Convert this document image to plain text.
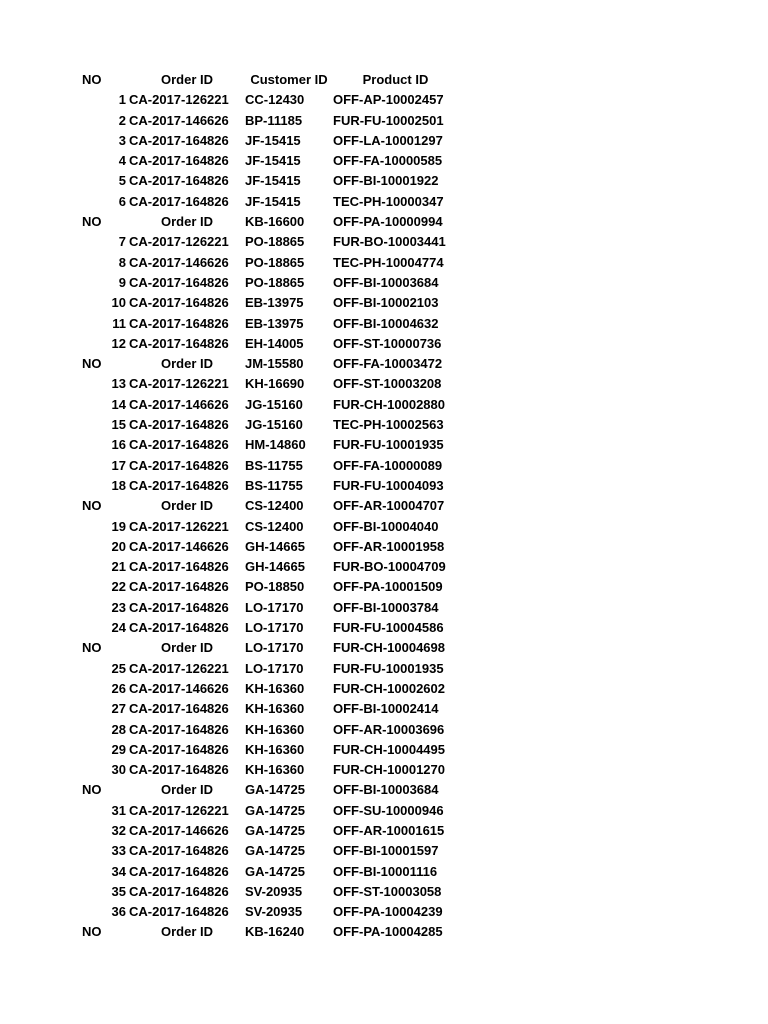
NO	Order ID	Customer ID	Product ID
1	CA-2017-126221	CC-12430	OFF-AP-10002457
2	CA-2017-146626	BP-11185	FUR-FU-10002501
3	CA-2017-164826	JF-15415	OFF-LA-10001297
4	CA-2017-164826	JF-15415	OFF-FA-10000585
5	CA-2017-164826	JF-15415	OFF-BI-10001922
6	CA-2017-164826	JF-15415	TEC-PH-10000347
NO	Order ID	KB-16600	OFF-PA-10000994
7	CA-2017-126221	PO-18865	FUR-BO-10003441
8	CA-2017-146626	PO-18865	TEC-PH-10004774
9	CA-2017-164826	PO-18865	OFF-BI-10003684
10	CA-2017-164826	EB-13975	OFF-BI-10002103
11	CA-2017-164826	EB-13975	OFF-BI-10004632
12	CA-2017-164826	EH-14005	OFF-ST-10000736
NO	Order ID	JM-15580	OFF-FA-10003472
13	CA-2017-126221	KH-16690	OFF-ST-10003208
14	CA-2017-146626	JG-15160	FUR-CH-10002880
15	CA-2017-164826	JG-15160	TEC-PH-10002563
16	CA-2017-164826	HM-14860	FUR-FU-10001935
17	CA-2017-164826	BS-11755	OFF-FA-10000089
18	CA-2017-164826	BS-11755	FUR-FU-10004093
NO	Order ID	CS-12400	OFF-AR-10004707
19	CA-2017-126221	CS-12400	OFF-BI-10004040
20	CA-2017-146626	GH-14665	OFF-AR-10001958
21	CA-2017-164826	GH-14665	FUR-BO-10004709
22	CA-2017-164826	PO-18850	OFF-PA-10001509
23	CA-2017-164826	LO-17170	OFF-BI-10003784
24	CA-2017-164826	LO-17170	FUR-FU-10004586
NO	Order ID	LO-17170	FUR-CH-10004698
25	CA-2017-126221	LO-17170	FUR-FU-10001935
26	CA-2017-146626	KH-16360	FUR-CH-10002602
27	CA-2017-164826	KH-16360	OFF-BI-10002414
28	CA-2017-164826	KH-16360	OFF-AR-10003696
29	CA-2017-164826	KH-16360	FUR-CH-10004495
30	CA-2017-164826	KH-16360	FUR-CH-10001270
NO	Order ID	GA-14725	OFF-BI-10003684
31	CA-2017-126221	GA-14725	OFF-SU-10000946
32	CA-2017-146626	GA-14725	OFF-AR-10001615
33	CA-2017-164826	GA-14725	OFF-BI-10001597
34	CA-2017-164826	GA-14725	OFF-BI-10001116
35	CA-2017-164826	SV-20935	OFF-ST-10003058
36	CA-2017-164826	SV-20935	OFF-PA-10004239
NO	Order ID	KB-16240	OFF-PA-10004285
